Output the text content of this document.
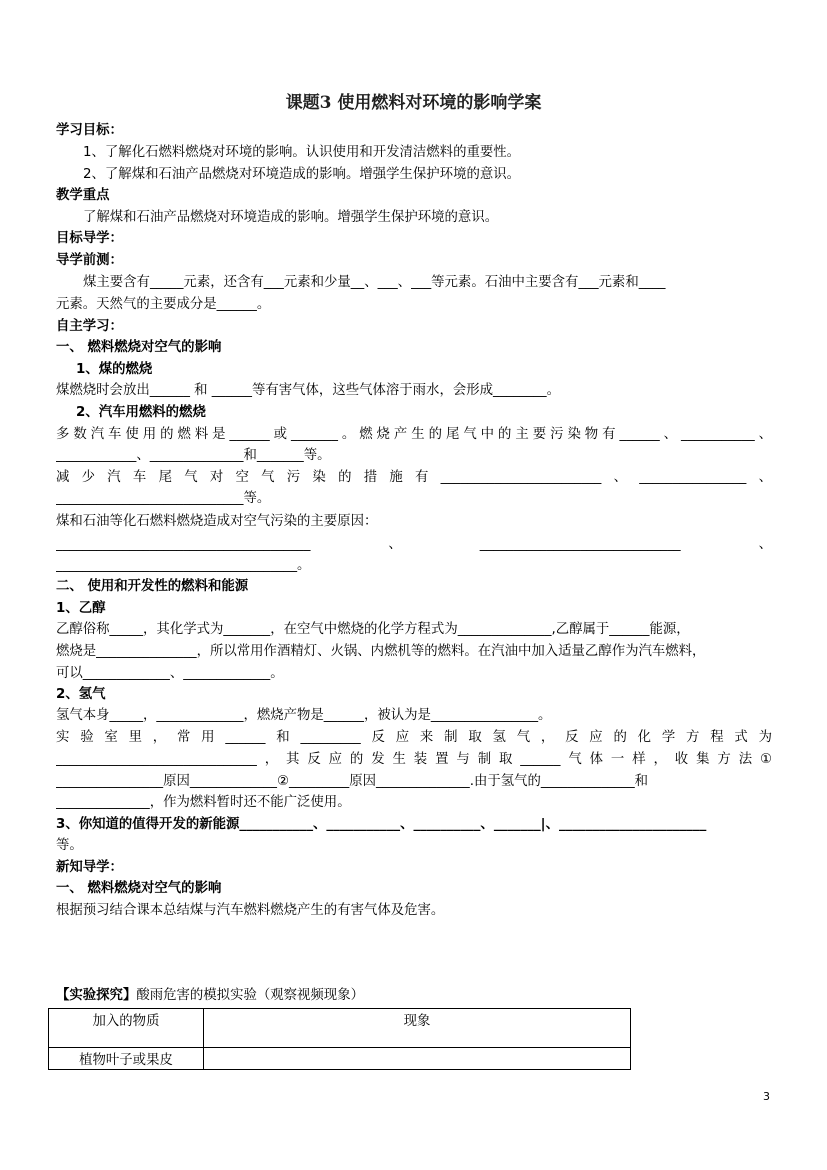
课题3 使用燃料对环境的影响学案
学习目标：
1、了解化石燃料燃烧对环境的影响。认识使用和开发清洁燃料的重要性。
2、了解煤和石油产品燃烧对环境造成的影响。增强学生保护环境的意识。
教学重点
了解煤和石油产品燃烧对环境造成的影响。增强学生保护环境的意识。
目标导学：
导学前测：
煤主要含有_____元素，还含有___元素和少量__、___、___等元素。石油中主要含有___元素和____
元素。天然气的主要成分是______。
自主学习：
一、 燃料燃烧对空气的影响
1、煤的燃烧
煤燃烧时会放出______ 和 ______等有害气体，这些气体溶于雨水，会形成________。
2、汽车用燃料的燃烧
多数汽车使用的燃料是______或_______。燃烧产生的尾气中的主要污染物有______、___________、
____________、______________和_______等。
减少汽车尾气对空气污染的措施有________________________、________________、
____________________________等。
煤和石油等化石燃料燃烧造成对空气污染的主要原因：
______________________________________、______________________________、
____________________________________。
二、 使用和开发性的燃料和能源
1、乙醇
乙醇俗称_____，其化学式为_______，在空气中燃烧的化学方程式为______________,乙醇属于______能源，
燃烧是_______________，所以常用作酒精灯、火锅、内燃机等的燃料。在汽油中加入适量乙醇作为汽车燃料，
可以_____________、_____________。
2、氢气
氢气本身_____，_____________，燃烧产物是______，被认为是________________。
实验室里，常用______和_________反应来制取氢气，反应的化学方程式为
______________________________，其反应的发生装置与制取______气体一样，收集方法①
________________原因_____________②_________原因______________.由于氢气的______________和
______________，作为燃料暂时还不能广泛使用。
3、你知道的值得开发的新能源___________、___________、__________、_______|、______________________
等。
新知导学：
一、 燃料燃烧对空气的影响
根据预习结合课本总结煤与汽车燃料燃烧产生的有害气体及危害。
【实验探究】酸雨危害的模拟实验（观察视频现象）
加入的物质	现象
植物叶子或果皮	
3
